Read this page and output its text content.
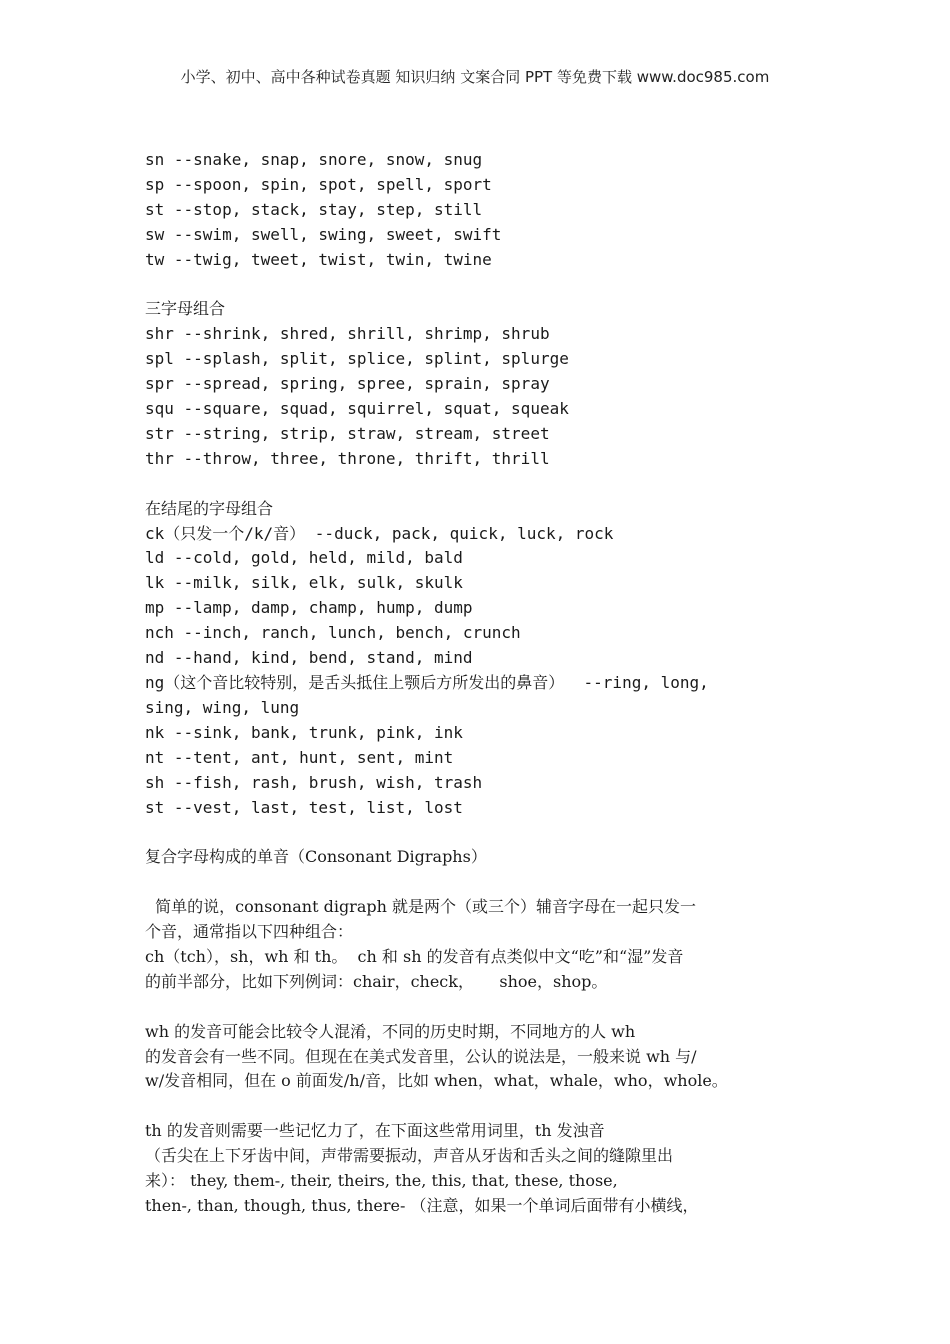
小学、初中、高中各种试卷真题 知识归纳 文案合同 PPT 等免费下载 www.doc985.com
sn --snake, snap, snore, snow, snug
sp --spoon, spin, spot, spell, sport
st --stop, stack, stay, step, still
sw --swim, swell, swing, sweet, swift
tw --twig, tweet, twist, twin, twine
三字母组合
shr --shrink, shred, shrill, shrimp, shrub
spl --splash, split, splice, splint, splurge
spr --spread, spring, spree, sprain, spray
squ --square, squad, squirrel, squat, squeak
str --string, strip, straw, stream, street
thr --throw, three, throne, thrift, thrill
在结尾的字母组合
ck（只发一个/k/音） --duck, pack, quick, luck, rock
ld --cold, gold, held, mild, bald
lk --milk, silk, elk, sulk, skulk
mp --lamp, damp, champ, hump, dump
nch --inch, ranch, lunch, bench, crunch
nd --hand, kind, bend, stand, mind
ng（这个音比较特别，是舌头抵住上颚后方所发出的鼻音）  --ring, long,
sing, wing, lung
nk --sink, bank, trunk, pink, ink
nt --tent, ant, hunt, sent, mint
sh --fish, rash, brush, wish, trash
st --vest, last, test, list, lost
复合字母构成的单音（Consonant Digraphs）
简单的说，consonant digraph 就是两个（或三个）辅音字母在一起只发一
个音，通常指以下四种组合：
ch（tch），sh，wh 和 th。  ch 和 sh 的发音有点类似中文“吃”和“湿”发音
的前半部分，比如下列例词：chair，check，     shoe，shop。
wh 的发音可能会比较令人混淆，不同的历史时期，不同地方的人 wh
的发音会有一些不同。但现在在美式发音里，公认的说法是，一般来说 wh 与/
w/发音相同，但在 o 前面发/h/音，比如 when，what，whale，who，whole。
th 的发音则需要一些记忆力了，在下面这些常用词里，th 发浊音
（舌尖在上下牙齿中间，声带需要振动，声音从牙齿和舌头之间的缝隙里出
来）： they, them-, their, theirs, the, this, that, these, those,
then-, than, though, thus, there- （注意，如果一个单词后面带有小横线，
